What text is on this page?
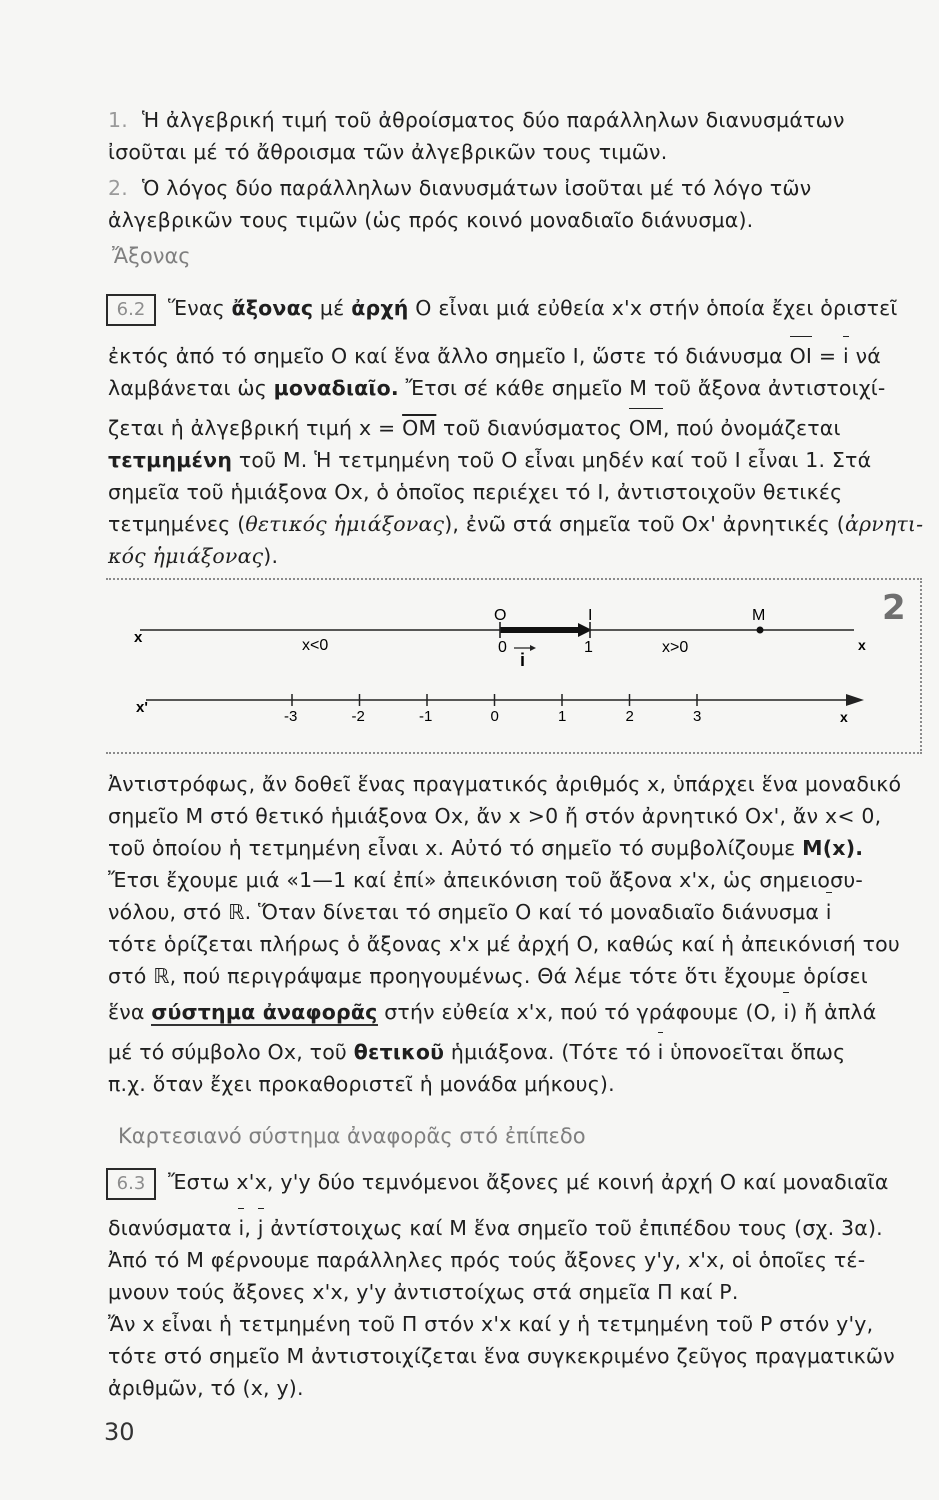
1. Ἡ ἀλγεβρική τιμή τοῦ ἀθροίσματος δύο παράλληλων διανυσμάτων
ἰσοῦται μέ τό ἄθροισμα τῶν ἀλγεβρικῶν τους τιμῶν.
2. Ὁ λόγος δύο παράλληλων διανυσμάτων ἰσοῦται μέ τό λόγο τῶν
ἀλγεβρικῶν τους τιμῶν (ὡς πρός κοινό μοναδιαῖο διάνυσμα).
Ἄξονας
6.2	Ἕνας ἄξονας μέ ἀρχή Ο εἶναι μιά εὐθεία x'x στήν ὁποία ἔχει ὁριστεῖ
ἐκτός ἀπό τό σημεῖο Ο καί ἕνα ἄλλο σημεῖο Ι, ὥστε τό διάνυσμα ΟΙ = i νά
λαμβάνεται ὡς μοναδιαῖο. Ἔτσι σέ κάθε σημεῖο Μ τοῦ ἄξονα ἀντιστοιχί-
ζεται ἡ ἀλγεβρική τιμή $x = \overline{OM}$ τοῦ διανύσματος ΟΜ, πού ὀνομάζεται
τετμημένη τοῦ Μ. Ἡ τετμημένη τοῦ Ο εἶναι μηδέν καί τοῦ Ι εἶναι 1. Στά
σημεῖα τοῦ ἡμιάξονα Οx, ὁ ὁποῖος περιέχει τό Ι, ἀντιστοιχοῦν θετικές
τετμημένες (θετικός ἡμιάξονας), ἐνῶ στά σημεῖα τοῦ Οx' ἀρνητικές (ἀρνητι-
κός ἡμιάξονας).
2
x	x<0
O
0
I
1
i
x>0
M
x
x'
x
-3	-2	-1	0	1	2	3
Ἀντιστρόφως, ἄν δοθεῖ ἕνας πραγματικός ἀριθμός x, ὑπάρχει ἕνα μοναδικό
σημεῖο Μ στό θετικό ἡμιάξονα Οx, ἄν x >0 ἤ στόν ἀρνητικό Οx', ἄν x< 0,
τοῦ ὁποίου ἡ τετμημένη εἶναι x. Αὐτό τό σημεῖο τό συμβολίζουμε Μ(x).
Ἔτσι ἔχουμε μιά «1—1 καί ἐπί» ἀπεικόνιση τοῦ ἄξονα x'x, ὡς σημειοσυ-
νόλου, στό ℝ. Ὅταν δίνεται τό σημεῖο Ο καί τό μοναδιαῖο διάνυσμα i
τότε ὁρίζεται πλήρως ὁ ἄξονας x'x μέ ἀρχή Ο, καθώς καί ἡ ἀπεικόνισή του
στό ℝ, πού περιγράψαμε προηγουμένως. Θά λέμε τότε ὅτι ἔχουμε ὁρίσει
ἕνα σύστημα ἀναφορᾶς στήν εὐθεία x'x, πού τό γράφουμε (Ο, i) ἤ ἁπλά
μέ τό σύμβολο Οx, τοῦ θετικοῦ ἡμιάξονα. (Τότε τό i ὑπονοεῖται ὅπως
π.χ. ὅταν ἔχει προκαθοριστεῖ ἡ μονάδα μήκους).
Καρτεσιανό σύστημα ἀναφορᾶς στό ἐπίπεδο
6.3	Ἔστω x'x, y'y δύο τεμνόμενοι ἄξονες μέ κοινή ἀρχή Ο καί μοναδιαῖα
διανύσματα i, j ἀντίστοιχως καί Μ ἕνα σημεῖο τοῦ ἐπιπέδου τους (σχ. 3α).
Ἀπό τό Μ φέρνουμε παράλληλες πρός τούς ἄξονες y'y, x'x, οἱ ὁποῖες τέ-
μνουν τούς ἄξονες x'x, y'y ἀντιστοίχως στά σημεῖα Π καί Ρ.
Ἄν x εἶναι ἡ τετμημένη τοῦ Π στόν x'x καί y ἡ τετμημένη τοῦ Ρ στόν y'y,
τότε στό σημεῖο Μ ἀντιστοιχίζεται ἕνα συγκεκριμένο ζεῦγος πραγματικῶν
ἀριθμῶν, τό (x, y).
30
